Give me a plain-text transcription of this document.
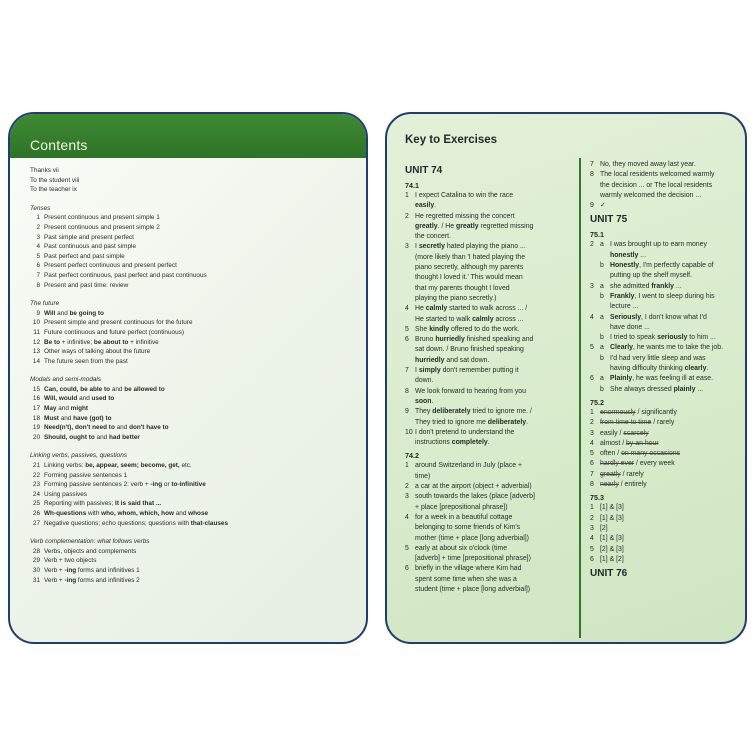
Contents
Thanks vii
To the student viii
To the teacher ix
Tenses
1 Present continuous and present simple 1
2 Present continuous and present simple 2
3 Past simple and present perfect
4 Past continuous and past simple
5 Past perfect and past simple
6 Present perfect continuous and present perfect
7 Past perfect continuous, past perfect and past continuous
8 Present and past time: review
The future
9 Will and be going to
10 Present simple and present continuous for the future
11 Future continuous and future perfect (continuous)
12 Be to + infinitive; be about to + infinitive
13 Other ways of talking about the future
14 The future seen from the past
Modals and semi-modals
15 Can, could, be able to and be allowed to
16 Will, would and used to
17 May and might
18 Must and have (got) to
19 Need(n't), don't need to and don't have to
20 Should, ought to and had better
Linking verbs, passives, questions
21 Linking verbs: be, appear, seem; become, get, etc.
22 Forming passive sentences 1
23 Forming passive sentences 2: verb + -ing or to-infinitive
24 Using passives
25 Reporting with passives; It is said that ...
26 Wh-questions with who, whom, which, how and whose
27 Negative questions; echo questions; questions with that-clauses
Verb complementation: what follows verbs
28 Verbs, objects and complements
29 Verb + two objects
30 Verb + -ing forms and infinitives 1
31 Verb + -ing forms and infinitives 2
Key to Exercises
UNIT 74
74.1
1 I expect Catalina to win the race
easily.
2 He regretted missing the concert
greatly. / He greatly regretted missing
the concert.
3 I secretly hated playing the piano ...
(more likely than 'I hated playing the
piano secretly, although my parents
thought I loved it.' This would mean
that my parents thought I loved
playing the piano secretly.)
4 He calmly started to walk across ... /
He started to walk calmly across ...
5 She kindly offered to do the work.
6 Bruno hurriedly finished speaking and
sat down. / Bruno finished speaking
hurriedly and sat down.
7 I simply don't remember putting it
down.
8 We look forward to hearing from you
soon.
9 They deliberately tried to ignore me. /
They tried to ignore me deliberately.
10 I don't pretend to understand the
instructions completely.
74.2
1 around Switzerland in July (place +
time)
2 a car at the airport (object + adverbial)
3 south towards the lakes (place [adverb]
+ place [prepositional phrase])
4 for a week in a beautiful cottage
belonging to some friends of Kim's
mother (time + place [long adverbial])
5 early at about six o'clock (time
[adverb] + time [prepositional phrase])
6 briefly in the village where Kim had
spent some time when she was a
student (time + place [long adverbial])
7 No, they moved away last year.
8 The local residents welcomed warmly
the decision ... or The local residents
warmly welcomed the decision ...
9 ✓
UNIT 75
75.1
2 a I was brought up to earn money
honestly ...
b Honestly, I'm perfectly capable of
putting up the shelf myself.
3 a she admitted frankly ...
b Frankly, I went to sleep during his
lecture ...
4 a Seriously, I don't know what I'd
have done ...
b I tried to speak seriously to him ...
5 a Clearly, he wants me to take the job.
b I'd had very little sleep and was
having difficulty thinking clearly.
6 a Plainly, he was feeling ill at ease.
b She always dressed plainly ...
75.2
1 enormously / significantly
2 from time to time / rarely
3 easily / scarcely
4 almost / by an hour
5 often / on many occasions
6 hardly ever / every week
7 greatly / rarely
8 nearly / entirely
75.3
1 [1] & [3]
2 [1] & [3]
3 [2]
4 [1] & [3]
5 [2] & [3]
6 [1] & [2]
UNIT 76
